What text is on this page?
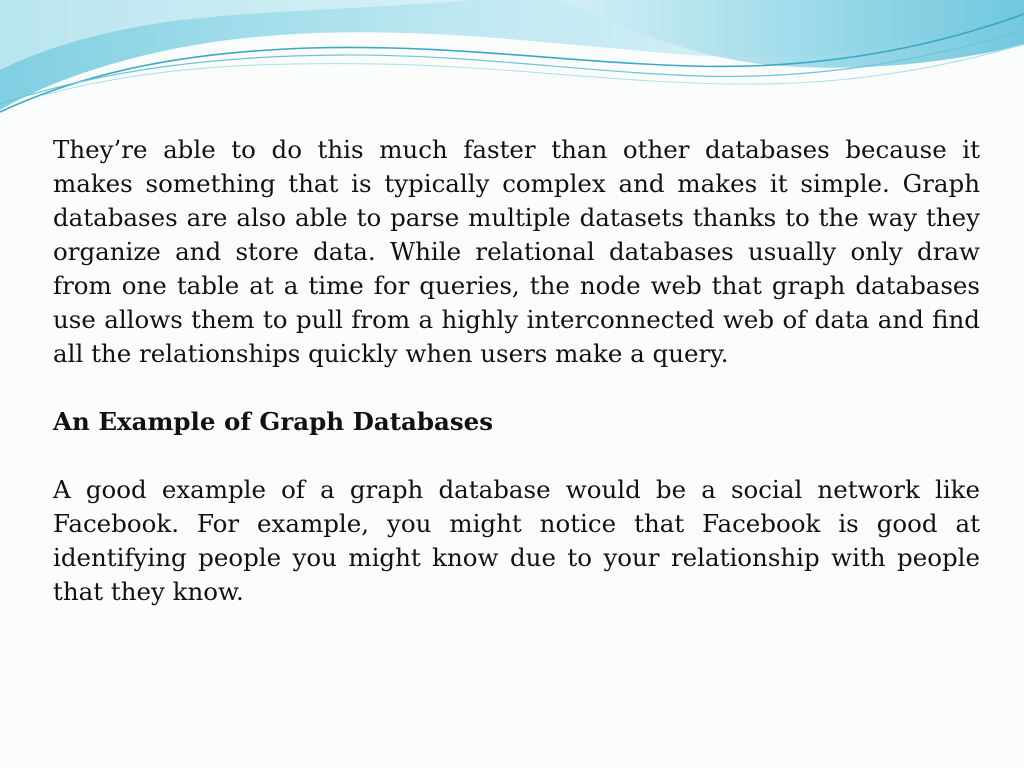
They’re able to do this much faster than other databases because it makes something that is typically complex and makes it simple. Graph databases are also able to parse multiple datasets thanks to the way they organize and store data. While relational databases usually only draw from one table at a time for queries, the node web that graph databases use allows them to pull from a highly interconnected web of data and find all the relationships quickly when users make a query.

An Example of Graph Databases

A good example of a graph database would be a social network like Facebook. For example, you might notice that Facebook is good at identifying people you might know due to your relationship with people that they know.
